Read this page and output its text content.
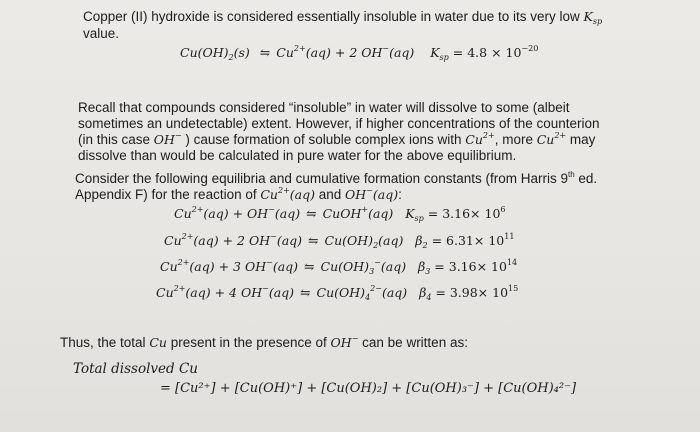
Copper (II) hydroxide is considered essentially insoluble in water due to its very low $K_{sp}$
value.
$Cu(OH)_2(s)$ ⇋ $Cu^{2+}(aq) + 2$ OH−(aq)    $K_{sp} = 4.8 \times 10^{-20}$
Recall that compounds considered “insoluble” in water will dissolve to some (albeit
sometimes an undetectable) extent. However, if higher concentrations of the counterion
(in this case OH− ) cause formation of soluble complex ions with $Cu^{2+}$, more $Cu^{2+}$ may
dissolve than would be calculated in pure water for the above equilibrium.
Consider the following equilibria and cumulative formation constants (from Harris 9th ed.
Appendix F) for the reaction of $Cu^{2+}(aq)$ and OH−(aq):
$Cu^{2+}(aq) + OH^-(aq)$ ⇋ CuOH+(aq)   $K_{sp} = 3.16\times 10^6$
$Cu^{2+}(aq) + 2$ OH−(aq) ⇋ $Cu(OH)_2(aq) \beta_2 = 6.31\times 10^{11}$
$Cu^{2+}(aq) + 3$ OH−(aq) ⇋ $Cu(OH)_3^-(aq) \beta_3 = 3.16\times 10^{14}$
$Cu^{2+}(aq) + 4$ OH−(aq) ⇋ $Cu(OH)_4^{2-}(aq) \beta_4 = 3.98\times 10^{15}$
Thus, the total Cu present in the presence of OH− can be written as:
Total dissolved Cu
= [Cu²⁺] + [Cu(OH)⁺] + [Cu(OH)₂] + [Cu(OH)₃⁻] + [Cu(OH)₄²⁻]
